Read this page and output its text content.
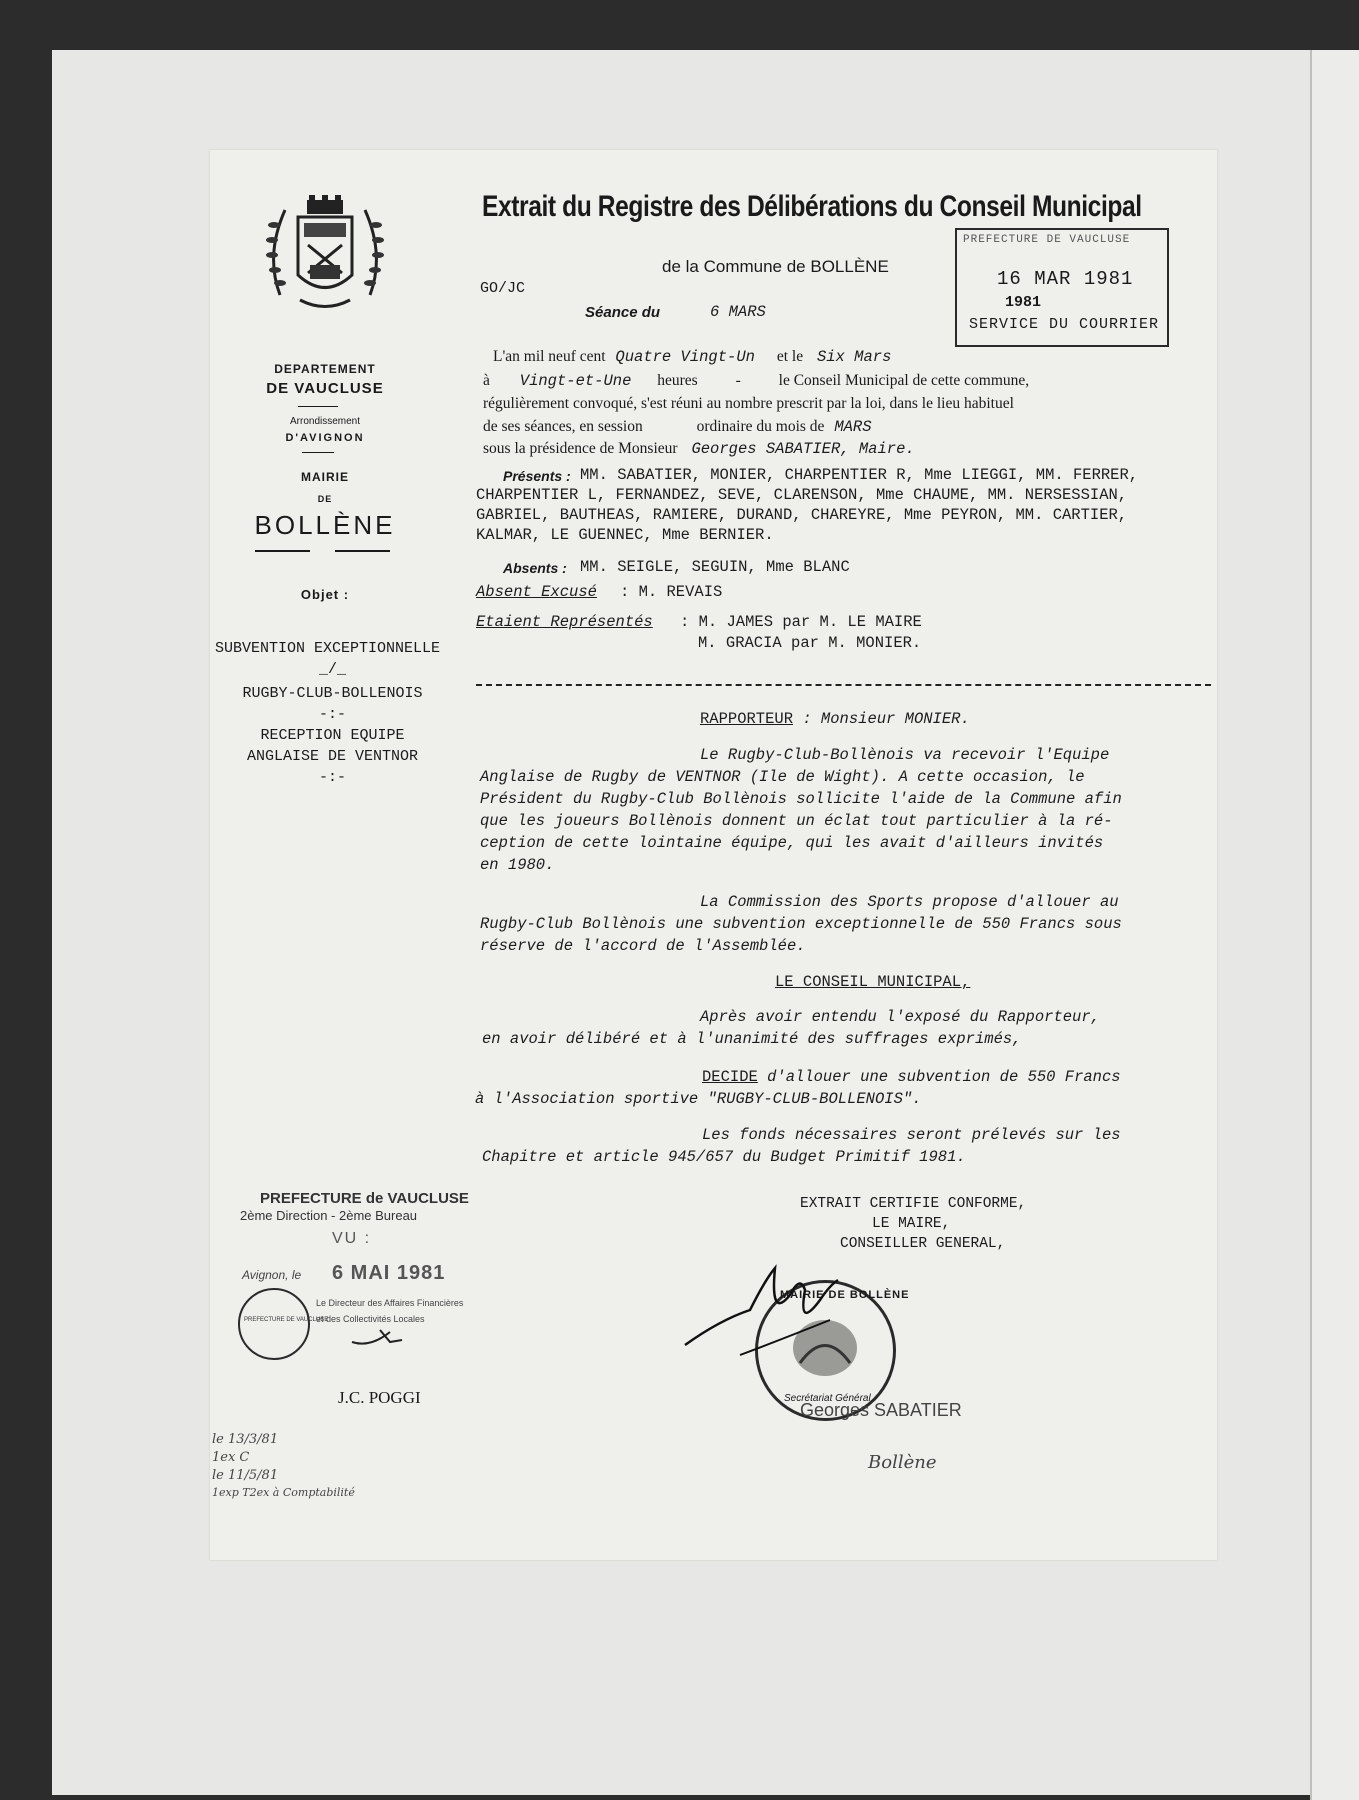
DEPARTEMENT
DE VAUCLUSE
Arrondissement
D'AVIGNON
MAIRIE
DE
BOLLÈNE
Objet :
SUBVENTION EXCEPTIONNELLE
_/_
RUGBY-CLUB-BOLLENOIS
-:-
RECEPTION EQUIPE
ANGLAISE DE VENTNOR
-:-
Extrait du Registre des Délibérations du Conseil Municipal
de la Commune de BOLLÈNE
GO/JC
Séance du	6 MARS
PREFECTURE DE VAUCLUSE
16 MAR 1981
1981
SERVICE DU COURRIER
L'an mil neuf cent Quatre Vingt-Un et le Six Mars
à Vingt-et-Une heures - le Conseil Municipal de cette commune,
régulièrement convoqué, s'est réuni au nombre prescrit par la loi, dans le lieu habituel
de ses séances, en session	ordinaire du mois de MARS
sous la présidence de Monsieur Georges SABATIER, Maire.
Présents : MM. SABATIER, MONIER, CHARPENTIER R, Mme LIEGGI, MM. FERRER,
CHARPENTIER L, FERNANDEZ, SEVE, CLARENSON, Mme CHAUME, MM. NERSESSIAN,
GABRIEL, BAUTHEAS, RAMIERE, DURAND, CHAREYRE, Mme PEYRON, MM. CARTIER,
KALMAR, LE GUENNEC, Mme BERNIER.
Absents : MM. SEIGLE, SEGUIN, Mme BLANC
Absent Excusé : M. REVAIS
Etaient Représentés : M. JAMES par M. LE MAIRE
M. GRACIA par M. MONIER.
RAPPORTEUR : Monsieur MONIER.
Le Rugby-Club-Bollènois va recevoir l'Equipe
Anglaise de Rugby de VENTNOR (Ile de Wight). A cette occasion, le
Président du Rugby-Club Bollènois sollicite l'aide de la Commune afin
que les joueurs Bollènois donnent un éclat tout particulier à la ré-
ception de cette lointaine équipe, qui les avait d'ailleurs invités
en 1980.
La Commission des Sports propose d'allouer au
Rugby-Club Bollènois une subvention exceptionnelle de 550 Francs sous
réserve de l'accord de l'Assemblée.
LE CONSEIL MUNICIPAL,
Après avoir entendu l'exposé du Rapporteur,
en avoir délibéré et à l'unanimité des suffrages exprimés,
DECIDE d'allouer une subvention de 550 Francs
à l'Association sportive "RUGBY-CLUB-BOLLENOIS".
Les fonds nécessaires seront prélevés sur les
Chapitre et article 945/657 du Budget Primitif 1981.
EXTRAIT CERTIFIE CONFORME,
LE MAIRE,
CONSEILLER GENERAL,
MAIRIE DE BOLLÈNE
Secrétariat Général
Georges SABATIER
Bollène
PREFECTURE de VAUCLUSE
2ème Direction - 2ème Bureau
VU :
Avignon, le 6 MAI 1981
Le Directeur des Affaires Financières
et des Collectivités Locales
PREFECTURE DE VAUCLUSE
J.C. POGGI
le 13/3/81
1ex C
le 11/5/81
1exp T2ex à Comptabilité
